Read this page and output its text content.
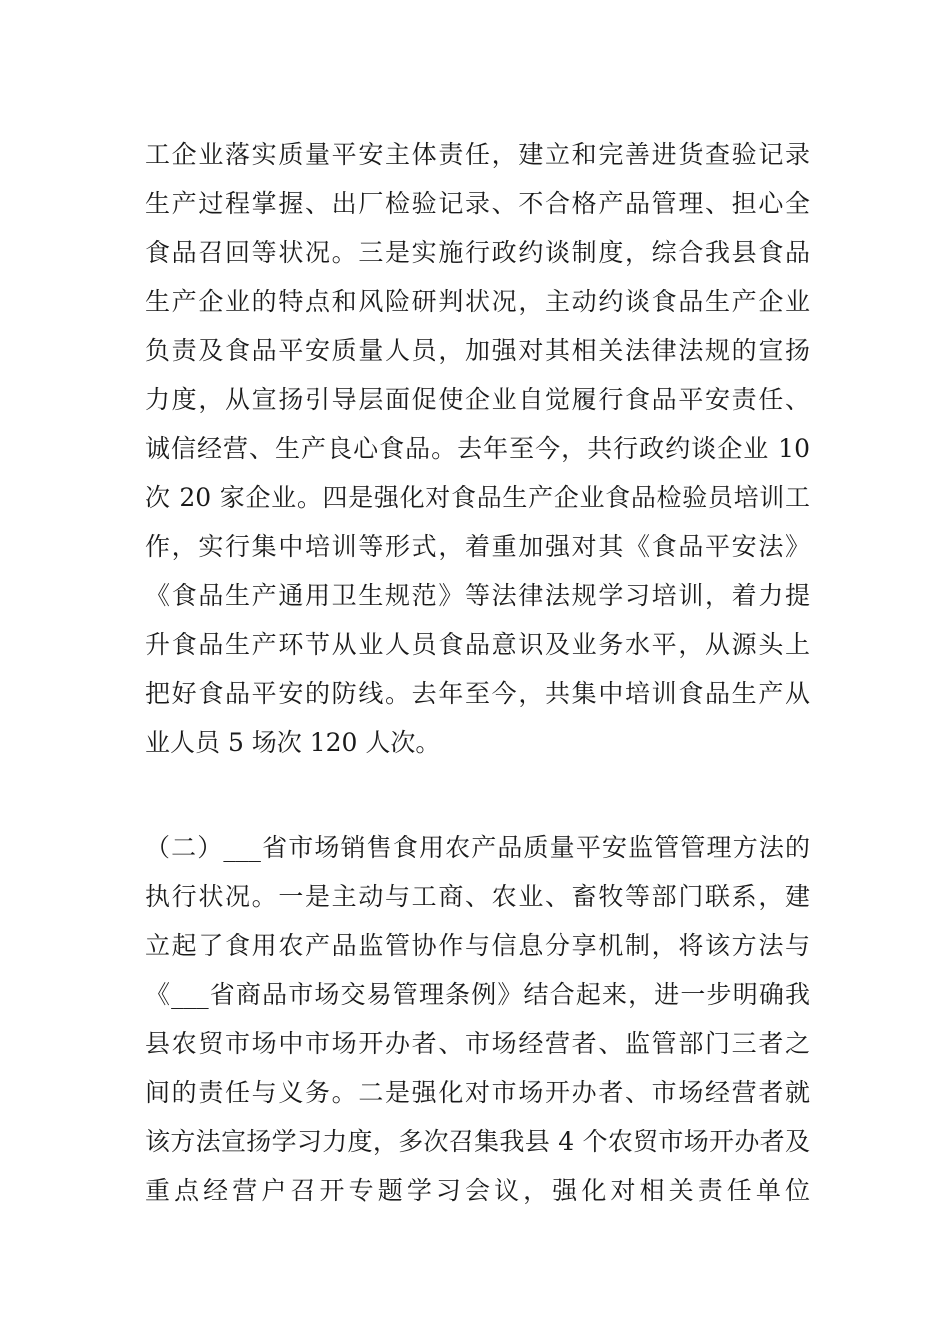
工企业落实质量平安主体责任，建立和完善进货查验记录
生产过程掌握、出厂检验记录、不合格产品管理、担心全
食品召回等状况。三是实施行政约谈制度，综合我县食品
生产企业的特点和风险研判状况，主动约谈食品生产企业
负责及食品平安质量人员，加强对其相关法律法规的宣扬
力度，从宣扬引导层面促使企业自觉履行食品平安责任、
诚信经营、生产良心食品。去年至今，共行政约谈企业 10
次 20 家企业。四是强化对食品生产企业食品检验员培训工
作，实行集中培训等形式，着重加强对其《食品平安法》
《食品生产通用卫生规范》等法律法规学习培训，着力提
升食品生产环节从业人员食品意识及业务水平，从源头上
把好食品平安的防线。去年至今，共集中培训食品生产从
业人员 5 场次 120 人次。
（二）___省市场销售食用农产品质量平安监管管理方法的
执行状况。一是主动与工商、农业、畜牧等部门联系，建
立起了食用农产品监管协作与信息分享机制，将该方法与
《___省商品市场交易管理条例》结合起来，进一步明确我
县农贸市场中市场开办者、市场经营者、监管部门三者之
间的责任与义务。二是强化对市场开办者、市场经营者就
该方法宣扬学习力度，多次召集我县 4 个农贸市场开办者及
重点经营户召开专题学习会议，强化对相关责任单位
